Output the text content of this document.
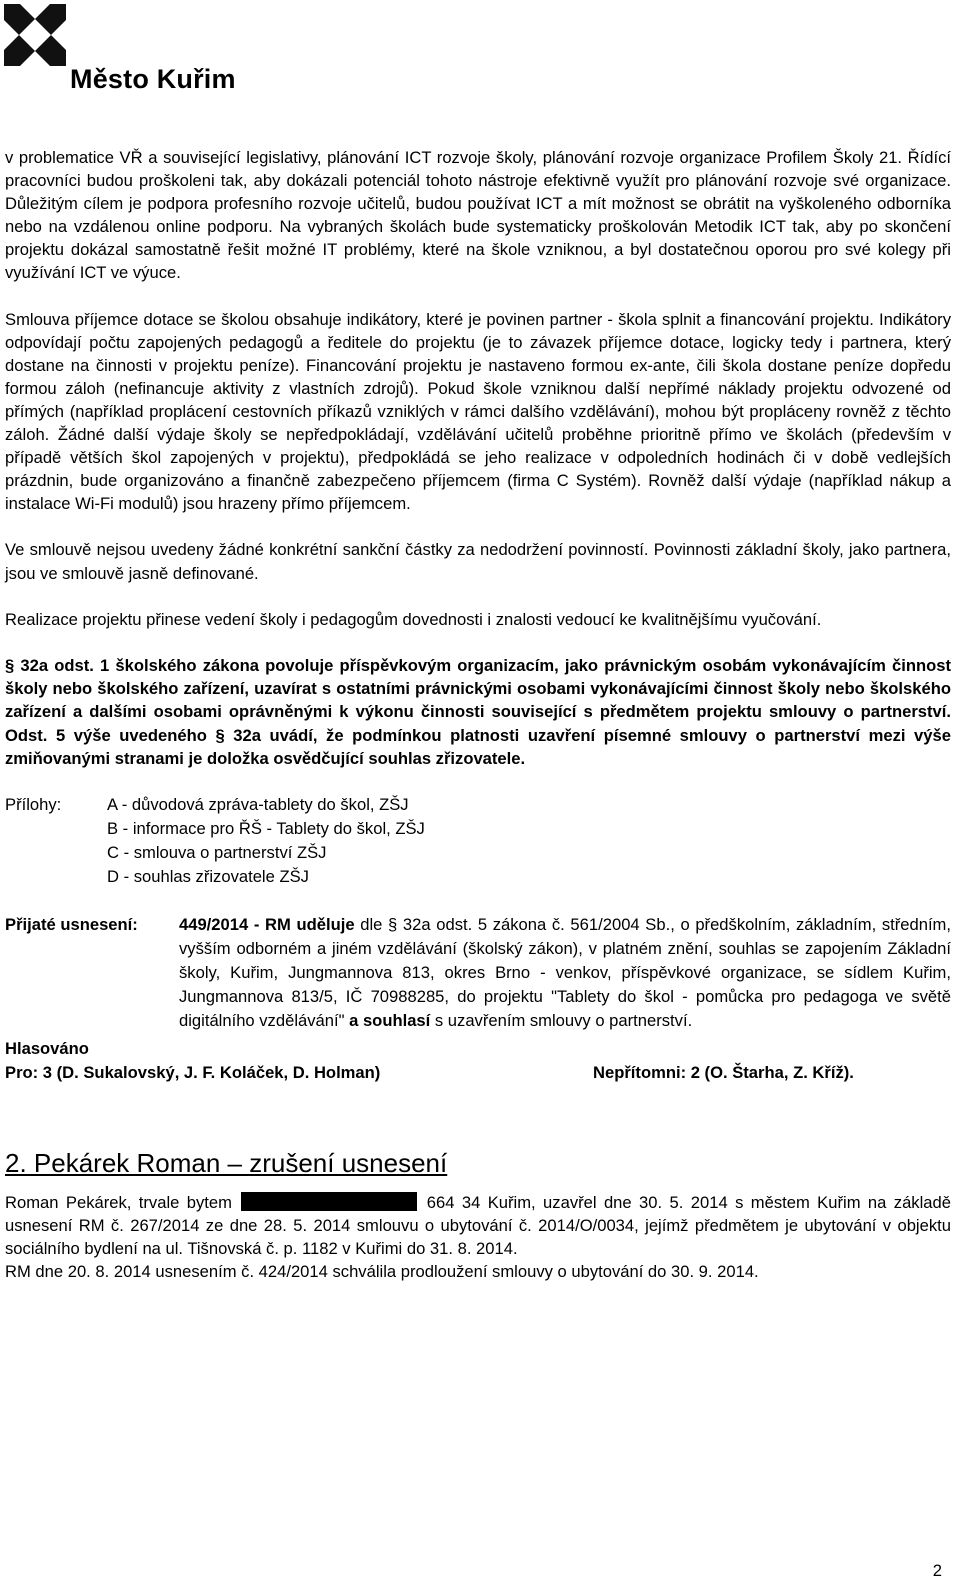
Město Kuřim

v problematice VŘ a související legislativy, plánování ICT rozvoje školy, plánování rozvoje organizace Profilem Školy 21. Řídící pracovníci budou proškoleni tak, aby dokázali potenciál tohoto nástroje efektivně využít pro plánování rozvoje své organizace. Důležitým cílem je podpora profesního rozvoje učitelů, budou používat ICT a mít možnost se obrátit na vyškoleného odborníka nebo na vzdálenou online podporu. Na vybraných školách bude systematicky proškolován Metodik ICT tak, aby po skončení projektu dokázal samostatně řešit možné IT problémy, které na škole vzniknou, a byl dostatečnou oporou pro své kolegy při využívání ICT ve výuce.

Smlouva příjemce dotace se školou obsahuje indikátory, které je povinen partner - škola splnit a financování projektu. Indikátory odpovídají počtu zapojených pedagogů a ředitele do projektu (je to závazek příjemce dotace, logicky tedy i partnera, který dostane na činnosti v projektu peníze). Financování projektu je nastaveno formou ex-ante, čili škola dostane peníze dopředu formou záloh (nefinancuje aktivity z vlastních zdrojů). Pokud škole vzniknou další nepřímé náklady projektu odvozené od přímých (například proplácení cestovních příkazů vzniklých v rámci dalšího vzdělávání), mohou být propláceny rovněž z těchto záloh. Žádné další výdaje školy se nepředpokládají, vzdělávání učitelů proběhne prioritně přímo ve školách (především v případě větších škol zapojených v projektu), předpokládá se jeho realizace v odpoledních hodinách či v době vedlejších prázdnin, bude organizováno a finančně zabezpečeno příjemcem (firma C Systém). Rovněž další výdaje (například nákup a instalace Wi-Fi modulů) jsou hrazeny přímo příjemcem.

Ve smlouvě nejsou uvedeny žádné konkrétní sankční částky za nedodržení povinností. Povinnosti základní školy, jako partnera, jsou ve smlouvě jasně definované.

Realizace projektu přinese vedení školy i pedagogům dovednosti i znalosti vedoucí ke kvalitnějšímu vyučování.

§ 32a odst. 1 školského zákona povoluje příspěvkovým organizacím, jako právnickým osobám vykonávajícím činnost školy nebo školského zařízení, uzavírat s ostatními právnickými osobami vykonávajícími činnost školy nebo školského zařízení a dalšími osobami oprávněnými k výkonu činnosti související s předmětem projektu smlouvy o partnerství. Odst. 5 výše uvedeného § 32a uvádí, že podmínkou platnosti uzavření písemné smlouvy o partnerství mezi výše zmiňovanými stranami je doložka osvědčující souhlas zřizovatele.

Přílohy:	A - důvodová zpráva-tablety do škol, ZŠJ
B - informace pro ŘŠ - Tablety do škol, ZŠJ
C - smlouva o partnerství ZŠJ
D - souhlas zřizovatele ZŠJ
Přijaté usnesení:	449/2014 - RM uděluje dle § 32a odst. 5 zákona č. 561/2004 Sb., o předškolním, základním, středním, vyšším odborném a jiném vzdělávání (školský zákon), v platném znění, souhlas se zapojením Základní školy, Kuřim, Jungmannova 813, okres Brno - venkov, příspěvkové organizace, se sídlem Kuřim, Jungmannova 813/5, IČ 70988285, do projektu "Tablety do škol - pomůcka pro pedagoga ve světě digitálního vzdělávání" a souhlasí s uzavřením smlouvy o partnerství.
Hlasováno
Pro: 3 (D. Sukalovský, J. F. Koláček, D. Holman)	Nepřítomni: 2 (O. Štarha, Z. Kříž).
2. Pekárek Roman – zrušení usnesení

Roman Pekárek, trvale bytem	664 34 Kuřim, uzavřel dne 30. 5. 2014 s městem Kuřim na základě usnesení RM č. 267/2014 ze dne 28. 5. 2014 smlouvu o ubytování č. 2014/O/0034, jejímž předmětem je ubytování v objektu sociálního bydlení na ul. Tišnovská č. p. 1182 v Kuřimi do 31. 8. 2014.

RM dne 20. 8. 2014 usnesením č. 424/2014 schválila prodloužení smlouvy o ubytování do 30. 9. 2014.

2
